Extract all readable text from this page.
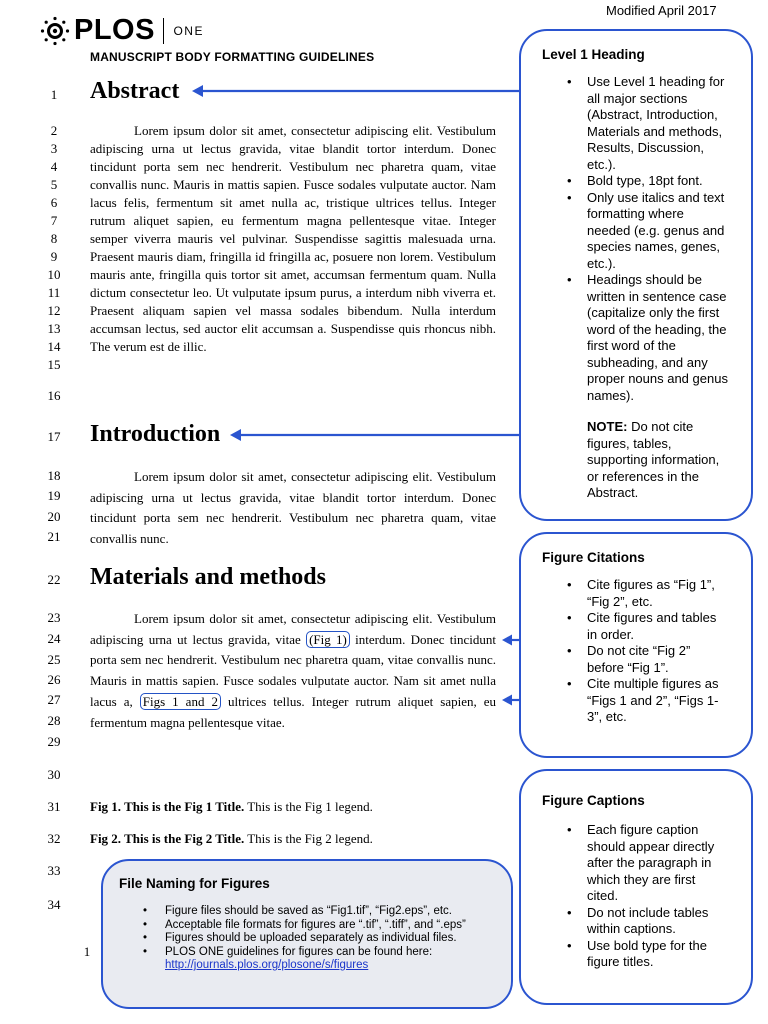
Modified April 2017
PLOS ONE
MANUSCRIPT BODY FORMATTING GUIDELINES
1
2
3
4
5
6
7
8
9
10
11
12
13
14
15
16
17
18
19
20
21
22
23
24
25
26
27
28
29
30
31
32
33
34
1
Abstract
Lorem ipsum dolor sit amet, consectetur adipiscing elit. Vestibulum adipiscing urna ut lectus gravida, vitae blandit tortor interdum. Donec tincidunt porta sem nec hendrerit. Vestibulum nec pharetra quam, vitae convallis nunc. Mauris in mattis sapien. Fusce sodales vulputate auctor. Nam lacus felis, fermentum sit amet nulla ac, tristique ultrices tellus. Integer rutrum aliquet sapien, eu fermentum magna pellentesque vitae. Integer semper viverra mauris vel pulvinar. Suspendisse sagittis malesuada urna. Praesent mauris diam, fringilla id fringilla ac, posuere non lorem. Vestibulum mauris ante, fringilla quis tortor sit amet, accumsan fermentum quam. Nulla dictum consectetur leo. Ut vulputate ipsum purus, a interdum nibh viverra et. Praesent aliquam sapien vel massa sodales bibendum. Nulla interdum accumsan lectus, sed auctor elit accumsan a. Suspendisse quis rhoncus nibh. The verum est de illic.
Introduction
Lorem ipsum dolor sit amet, consectetur adipiscing elit. Vestibulum adipiscing urna ut lectus gravida, vitae blandit tortor interdum. Donec tincidunt porta sem nec hendrerit. Vestibulum nec pharetra quam, vitae convallis nunc.
Materials and methods
Lorem ipsum dolor sit amet, consectetur adipiscing elit. Vestibulum adipiscing urna ut lectus gravida, vitae (Fig 1) interdum. Donec tincidunt porta sem nec hendrerit. Vestibulum nec pharetra quam, vitae convallis nunc. Mauris in mattis sapien. Fusce sodales vulputate auctor. Nam sit amet nulla lacus a, Figs 1 and 2 ultrices tellus. Integer rutrum aliquet sapien, eu fermentum magna pellentesque vitae.
Fig 1. This is the Fig 1 Title. This is the Fig 1 legend.
Fig 2. This is the Fig 2 Title. This is the Fig 2 legend.
Level 1 Heading
• Use Level 1 heading for all major sections (Abstract, Introduction, Materials and methods, Results, Discussion, etc.).
• Bold type, 18pt font.
• Only use italics and text formatting where needed (e.g. genus and species names, genes, etc.).
• Headings should be written in sentence case (capitalize only the first word of the heading, the first word of the subheading, and any proper nouns and genus names).
NOTE: Do not cite figures, tables, supporting information, or references in the Abstract.
Figure Citations
• Cite figures as “Fig 1”, “Fig 2”, etc.
• Cite figures and tables in order.
• Do not cite “Fig 2” before “Fig 1”.
• Cite multiple figures as “Figs 1 and 2”, “Figs 1-3”, etc.
Figure Captions
• Each figure caption should appear directly after the paragraph in which they are first cited.
• Do not include tables within captions.
• Use bold type for the figure titles.
File Naming for Figures
• Figure files should be saved as “Fig1.tif”, “Fig2.eps”, etc.
• Acceptable file formats for figures are “.tif”, “.tiff”, and “.eps”
• Figures should be uploaded separately as individual files.
• PLOS ONE guidelines for figures can be found here:
http://journals.plos.org/plosone/s/figures
